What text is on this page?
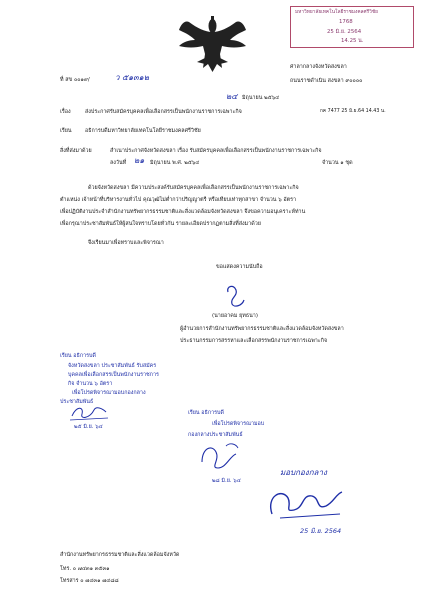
มหาวิทยาลัยเทคโนโลยีราชมงคลศรีวิชัย
1768
25 มิ.ย. 2564
14.25 น.
ที่ สข ๐๐๑๙/	ว ๕๑๓๑๒
ศาลากลางจังหวัดสงขลา
ถนนราชดำเนิน สงขลา ๙๐๐๐๐
๒๔ มิถุนายน ๒๕๖๔
กค 7477 25 มิ.ย.64 14.43 น.
เรื่อง	ส่งประกาศรับสมัครบุคคลเพื่อเลือกสรรเป็นพนักงานราชการเฉพาะกิจ
เรียน อธิการบดีมหาวิทยาลัยเทคโนโลยีราชมงคลศรีวิชัย
สิ่งที่ส่งมาด้วย	สำเนาประกาศจังหวัดสงขลา เรื่อง รับสมัครบุคคลเพื่อเลือกสรรเป็นพนักงานราชการเฉพาะกิจ
ลงวันที่ ๒๑ มิถุนายน พ.ศ. ๒๕๖๔	จำนวน ๑ ชุด
ด้วยจังหวัดสงขลา มีความประสงค์รับสมัครบุคคลเพื่อเลือกสรรเป็นพนักงานราชการเฉพาะกิจ
ตำแหน่ง เจ้าหน้าที่บริหารงานทั่วไป คุณวุฒิไม่ต่ำกว่าปริญญาตรี หรือเทียบเท่าทุกสาขา จำนวน ๖ อัตรา
เพื่อปฏิบัติงานประจำสำนักงานทรัพยากรธรรมชาติและสิ่งแวดล้อมจังหวัดสงขลา จึงขอความอนุเคราะห์ท่าน
เพื่อกรุณาประชาสัมพันธ์ให้ผู้สนใจทราบโดยทั่วกัน รายละเอียดปรากฏตามสิ่งที่ส่งมาด้วย
จึงเรียนมาเพื่อทราบและพิจารณา
ขอแสดงความนับถือ
(นายอาคม ยุทธนา)
ผู้อำนวยการสำนักงานทรัพยากรธรรมชาติและสิ่งแวดล้อมจังหวัดสงขลา
ประธานกรรมการสรรหาและเลือกสรรพนักงานราชการเฉพาะกิจ
เรียน อธิการบดี
จังหวัดสงขลา ประชาสัมพันธ์ รับสมัคร
บุคคลเพื่อเลือกสรรเป็นพนักงานราชการ
กิจ จำนวน ๖ อัตรา
เพื่อโปรดพิจารณามอบกองกลาง
ประชาสัมพันธ์
๒๕ มิ.ย. ๖๔
เรียน อธิการบดี
เพื่อโปรดพิจารณามอบ
กองกลางประชาสัมพันธ์
๒๘ มิ.ย. ๖๔
มอบกองกลาง
25 มิ.ย. 2564
สำนักงานทรัพยากรธรรมชาติและสิ่งแวดล้อมจังหวัด
โทร. ๐ ๗๔๓๑ ๓๕๓๑
โทรสาร ๐ ๗๔๓๑ ๗๔๘๘
